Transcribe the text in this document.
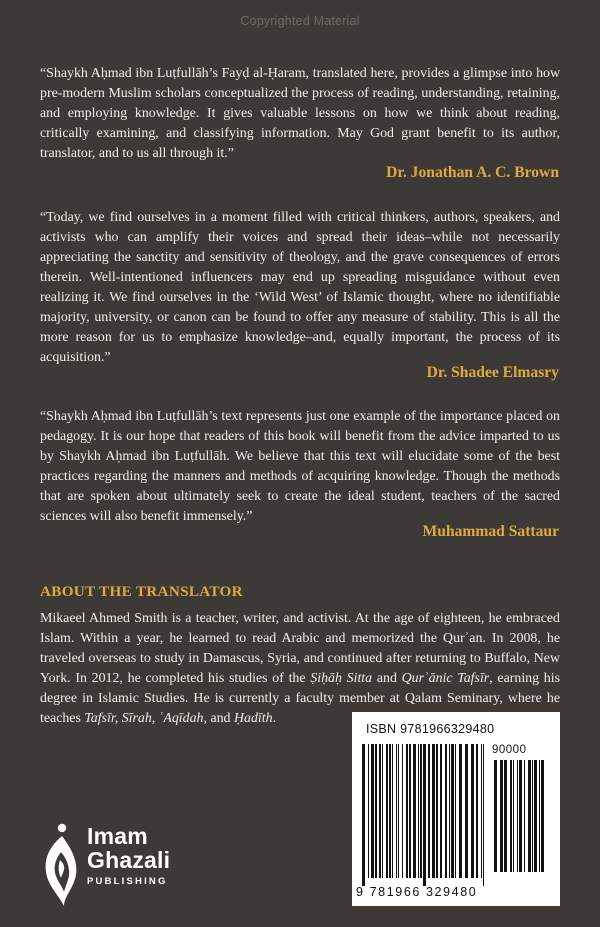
Copyrighted Material

“Shaykh Aḥmad ibn Luṭfullāh’s Fayḍ al-Ḥaram, translated here, provides a glimpse into how pre-modern Muslim scholars conceptualized the process of reading, understanding, retaining, and employing knowledge. It gives valuable lessons on how we think about reading, critically examining, and classifying information. May God grant benefit to its author, translator, and to us all through it.”

Dr. Jonathan A. C. Brown

“Today, we find ourselves in a moment filled with critical thinkers, authors, speakers, and activists who can amplify their voices and spread their ideas–while not necessarily appreciating the sanctity and sensitivity of theology, and the grave consequences of errors therein. Well-intentioned influencers may end up spreading misguidance without even realizing it. We find ourselves in the ‘Wild West’ of Islamic thought, where no identifiable majority, university, or canon can be found to offer any measure of stability. This is all the more reason for us to emphasize knowledge–and, equally important, the process of its acquisition.”

Dr. Shadee Elmasry

“Shaykh Aḥmad ibn Luṭfullāh’s text represents just one example of the importance placed on pedagogy. It is our hope that readers of this book will benefit from the advice imparted to us by Shaykh Aḥmad ibn Luṭfullāh. We believe that this text will elucidate some of the best practices regarding the manners and methods of acquiring knowledge. Though the methods that are spoken about ultimately seek to create the ideal student, teachers of the sacred sciences will also benefit immensely.”

Muhammad Sattaur
ABOUT THE TRANSLATOR

Mikaeel Ahmed Smith is a teacher, writer, and activist. At the age of eighteen, he embraced Islam. Within a year, he learned to read Arabic and memorized the Qurʾan. In 2008, he traveled overseas to study in Damascus, Syria, and continued after returning to Buffalo, New York. In 2012, he completed his studies of the Ṣiḥāḥ Sitta and Qurʾānic Tafsīr, earning his degree in Islamic Studies. He is currently a faculty member at Qalam Seminary, where he teaches Tafsīr, Sīrah, ʿAqīdah, and Ḥadīth.

Imam
Ghazali
PUBLISHING
ISBN 9781966329480
90000
9 781966 329480
